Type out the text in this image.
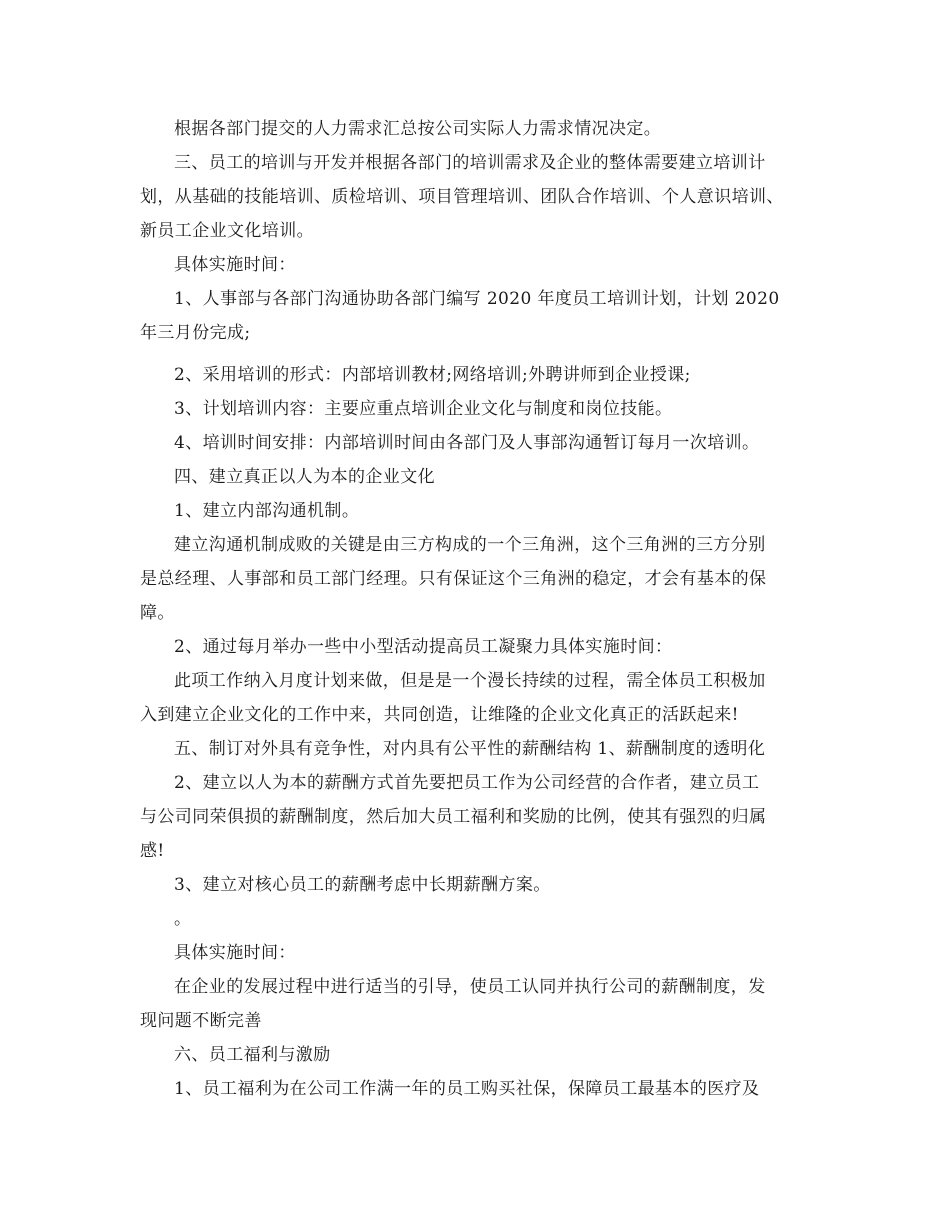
根据各部门提交的人力需求汇总按公司实际人力需求情况决定。
三、员工的培训与开发并根据各部门的培训需求及企业的整体需要建立培训计
划，从基础的技能培训、质检培训、项目管理培训、团队合作培训、个人意识培训、
新员工企业文化培训。
具体实施时间：
1、人事部与各部门沟通协助各部门编写 2020 年度员工培训计划，计划 2020
年三月份完成;
2、采用培训的形式：内部培训教材;网络培训;外聘讲师到企业授课;
3、计划培训内容：主要应重点培训企业文化与制度和岗位技能。
4、培训时间安排：内部培训时间由各部门及人事部沟通暂订每月一次培训。
四、建立真正以人为本的企业文化
1、建立内部沟通机制。
建立沟通机制成败的关键是由三方构成的一个三角洲，这个三角洲的三方分别
是总经理、人事部和员工部门经理。只有保证这个三角洲的稳定，才会有基本的保
障。
2、通过每月举办一些中小型活动提高员工凝聚力具体实施时间：
此项工作纳入月度计划来做，但是是一个漫长持续的过程，需全体员工积极加
入到建立企业文化的工作中来，共同创造，让维隆的企业文化真正的活跃起来!
五、制订对外具有竞争性，对内具有公平性的薪酬结构 1、薪酬制度的透明化
2、建立以人为本的薪酬方式首先要把员工作为公司经营的合作者，建立员工
与公司同荣俱损的薪酬制度，然后加大员工福利和奖励的比例，使其有强烈的归属
感!
3、建立对核心员工的薪酬考虑中长期薪酬方案。
。
具体实施时间：
在企业的发展过程中进行适当的引导，使员工认同并执行公司的薪酬制度，发
现问题不断完善
六、员工福利与激励
1、员工福利为在公司工作满一年的员工购买社保，保障员工最基本的医疗及
